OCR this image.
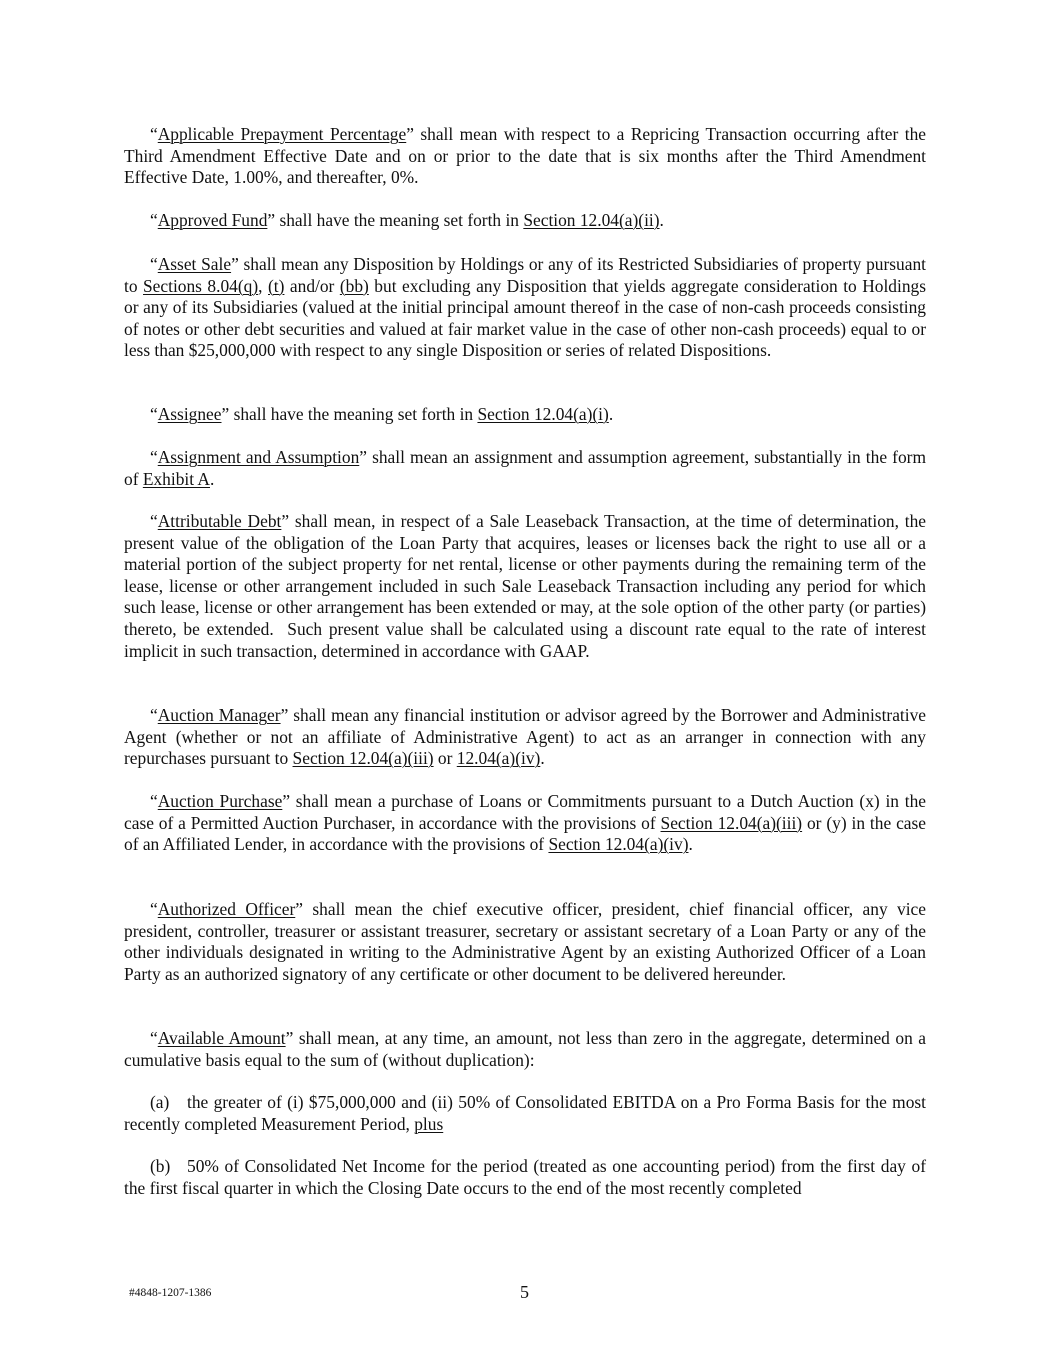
“Applicable Prepayment Percentage” shall mean with respect to a Repricing Transaction occurring after the Third Amendment Effective Date and on or prior to the date that is six months after the Third Amendment Effective Date, 1.00%, and thereafter, 0%.

“Approved Fund” shall have the meaning set forth in Section 12.04(a)(ii).

“Asset Sale” shall mean any Disposition by Holdings or any of its Restricted Subsidiaries of property pursuant to Sections 8.04(q), (t) and/or (bb) but excluding any Disposition that yields aggregate consideration to Holdings or any of its Subsidiaries (valued at the initial principal amount thereof in the case of non-cash proceeds consisting of notes or other debt securities and valued at fair market value in the case of other non-cash proceeds) equal to or less than $25,000,000 with respect to any single Disposition or series of related Dispositions.

“Assignee” shall have the meaning set forth in Section 12.04(a)(i).

“Assignment and Assumption” shall mean an assignment and assumption agreement, substantially in the form of Exhibit A.

“Attributable Debt” shall mean, in respect of a Sale Leaseback Transaction, at the time of determination, the present value of the obligation of the Loan Party that acquires, leases or licenses back the right to use all or a material portion of the subject property for net rental, license or other payments during the remaining term of the lease, license or other arrangement included in such Sale Leaseback Transaction including any period for which such lease, license or other arrangement has been extended or may, at the sole option of the other party (or parties) thereto, be extended.  Such present value shall be calculated using a discount rate equal to the rate of interest implicit in such transaction, determined in accordance with GAAP.

“Auction Manager” shall mean any financial institution or advisor agreed by the Borrower and Administrative Agent (whether or not an affiliate of Administrative Agent) to act as an arranger in connection with any repurchases pursuant to Section 12.04(a)(iii) or 12.04(a)(iv).

“Auction Purchase” shall mean a purchase of Loans or Commitments pursuant to a Dutch Auction (x) in the case of a Permitted Auction Purchaser, in accordance with the provisions of Section 12.04(a)(iii) or (y) in the case of an Affiliated Lender, in accordance with the provisions of Section 12.04(a)(iv).

“Authorized Officer” shall mean the chief executive officer, president, chief financial officer, any vice president, controller, treasurer or assistant treasurer, secretary or assistant secretary of a Loan Party or any of the other individuals designated in writing to the Administrative Agent by an existing Authorized Officer of a Loan Party as an authorized signatory of any certificate or other document to be delivered hereunder.

“Available Amount” shall mean, at any time, an amount, not less than zero in the aggregate, determined on a cumulative basis equal to the sum of (without duplication):

(a) the greater of (i) $75,000,000 and (ii) 50% of Consolidated EBITDA on a Pro Forma Basis for the most recently completed Measurement Period, plus

(b) 50% of Consolidated Net Income for the period (treated as one accounting period) from the first day of the first fiscal quarter in which the Closing Date occurs to the end of the most recently completed

#4848-1207-1386	5
